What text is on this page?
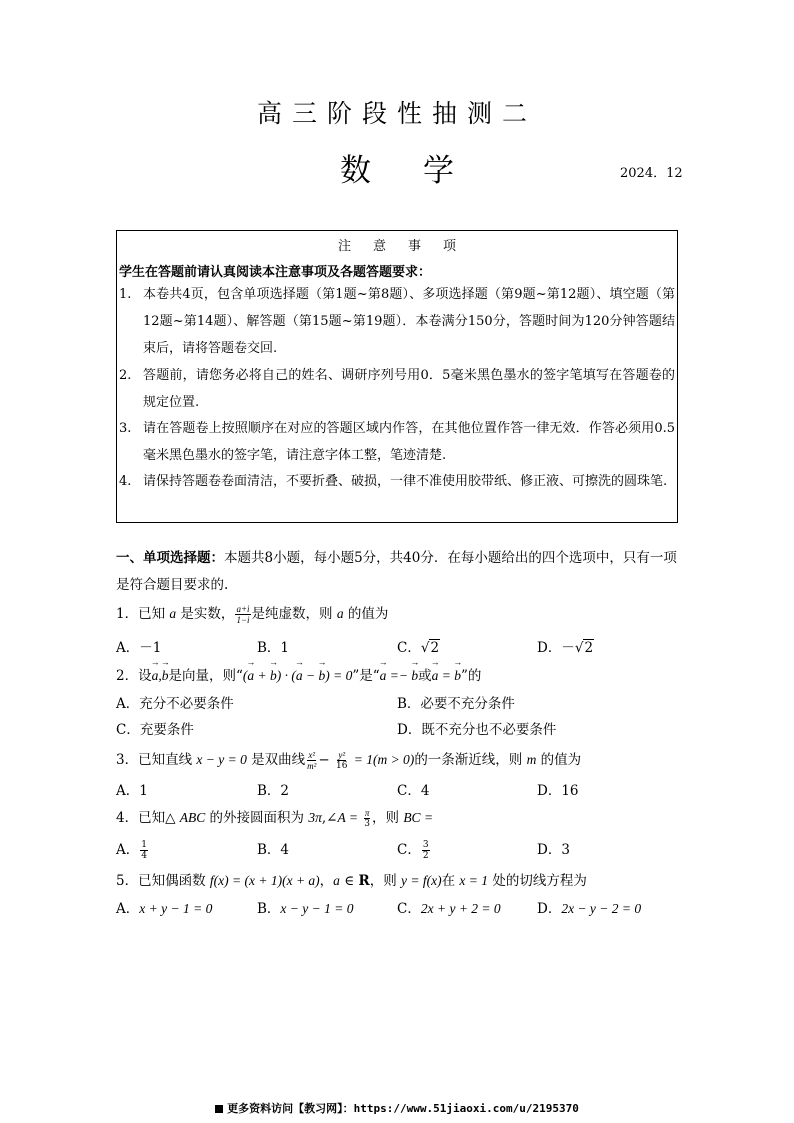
高三阶段性抽测二
数学	2024．12
注意事项
学生在答题前请认真阅读本注意事项及各题答题要求：
1. 本卷共4页，包含单项选择题（第1题~第8题）、多项选择题（第9题~第12题）、填空题（第12题~第14题）、解答题（第15题~第19题）．本卷满分150分，答题时间为120分钟答题结束后，请将答题卷交回.
2. 答题前，请您务必将自己的姓名、调研序列号用0．5毫米黑色墨水的签字笔填写在答题卷的规定位置.
3. 请在答题卷上按照顺序在对应的答题区域内作答，在其他位置作答一律无效．作答必须用0.5毫米黑色墨水的签字笔，请注意字体工整，笔迹清楚.
4. 请保持答题卷卷面清洁，不要折叠、破损，一律不准使用胶带纸、修正液、可擦洗的圆珠笔.
一、单项选择题：本题共8小题，每小题5分，共40分．在每小题给出的四个选项中，只有一项是符合题目要求的.
1．已知 a 是实数， $\frac{a+i}{1-i}$ 是纯虚数，则 a 的值为
A．－1	B．1	C．√2	D．－√2
2．设→ a,→ b是向量，则“(→ a + → b) · (→ a − → b) = 0”是“→ a =− → b或→ a = → b”的
A．充分不必要条件	B．必要不充分条件
C．充要条件	D．既不充分也不必要条件
3．已知直线 x − y = 0 是双曲线 $\frac{\text{x²}}{\text{m²}} - \frac{\text{y²}}{16} = 1(m > 0)$的一条渐近线，则 m 的值为
A．1	B．2	C．4	D．16
4．已知△ ABC 的外接圆面积为 3π,∠A = $\frac{\pi}{3}$ ，则 BC =
A． $\frac{1}{4}$	B．4	C． $\frac{3}{2}$	D．3
5．已知偶函数 f(x) = (x + 1)(x + a)，a ∈ R，则 y = f(x)在 x = 1 处的切线方程为
A．x + y − 1 = 0	B．x − y − 1 = 0	C．2x + y + 2 = 0	D．2x − y − 2 = 0
更多资料访问【教习网】：https://www.51jiaoxi.com/u/2195370
